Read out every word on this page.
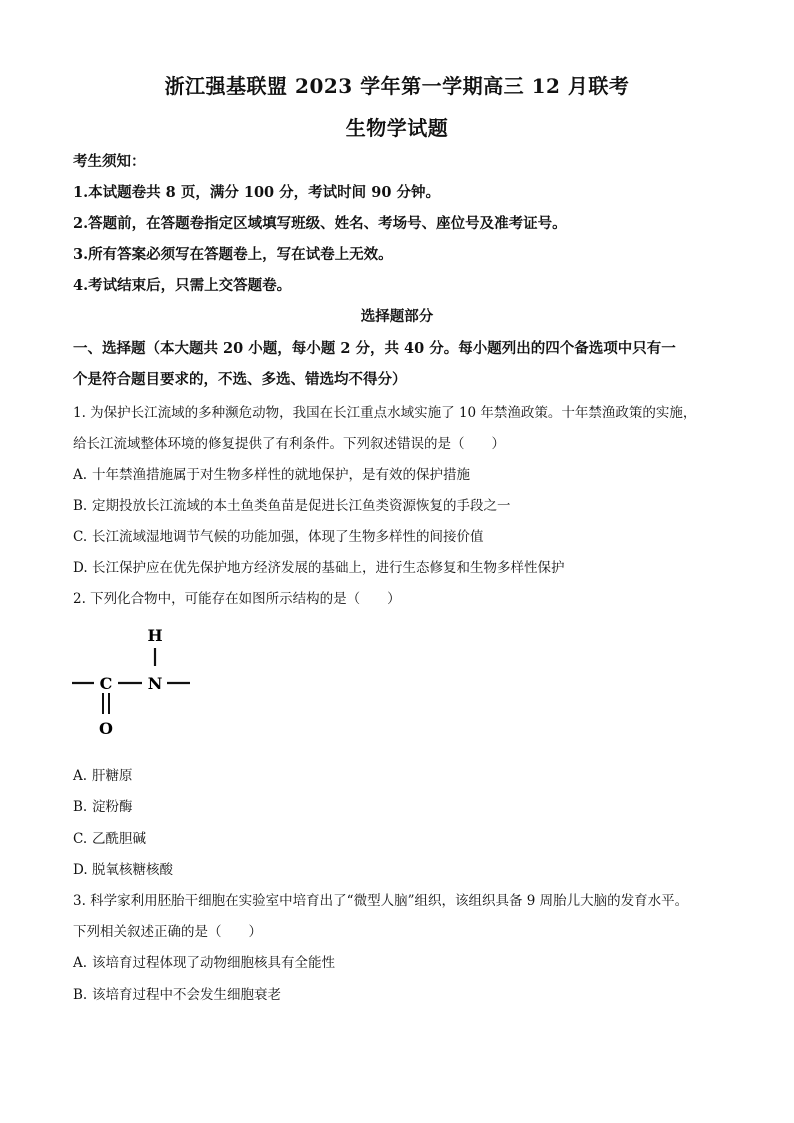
浙江强基联盟 2023 学年第一学期高三 12 月联考
生物学试题
考生须知：
1.本试题卷共 8 页，满分 100 分，考试时间 90 分钟。
2.答题前，在答题卷指定区域填写班级、姓名、考场号、座位号及准考证号。
3.所有答案必须写在答题卷上，写在试卷上无效。
4.考试结束后，只需上交答题卷。
选择题部分
一、选择题（本大题共 20 小题，每小题 2 分，共 40 分。每小题列出的四个备选项中只有一
个是符合题目要求的，不选、多选、错选均不得分）
1. 为保护长江流域的多种濒危动物，我国在长江重点水域实施了 10 年禁渔政策。十年禁渔政策的实施，
给长江流域整体环境的修复提供了有利条件。下列叙述错误的是（　　）
A. 十年禁渔措施属于对生物多样性的就地保护，是有效的保护措施
B. 定期投放长江流域的本土鱼类鱼苗是促进长江鱼类资源恢复的手段之一
C. 长江流域湿地调节气候的功能加强，体现了生物多样性的间接价值
D. 长江保护应在优先保护地方经济发展的基础上，进行生态修复和生物多样性保护
2. 下列化合物中，可能存在如图所示结构的是（　　）
H
C N
O
A. 肝糖原
B. 淀粉酶
C. 乙酰胆碱
D. 脱氧核糖核酸
3. 科学家利用胚胎干细胞在实验室中培育出了“微型人脑”组织，该组织具备 9 周胎儿大脑的发育水平。
下列相关叙述正确的是（　　）
A. 该培育过程体现了动物细胞核具有全能性
B. 该培育过程中不会发生细胞衰老
